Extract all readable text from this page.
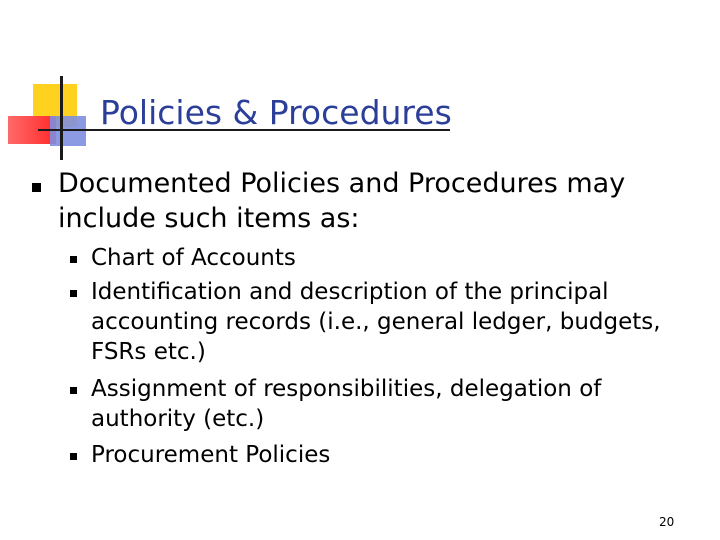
Policies & Procedures
Documented Policies and Procedures may include such items as:
Chart of Accounts
Identification and description of the principal accounting records (i.e., general ledger, budgets, FSRs etc.)
Assignment of responsibilities, delegation of authority (etc.)
Procurement Policies
20
